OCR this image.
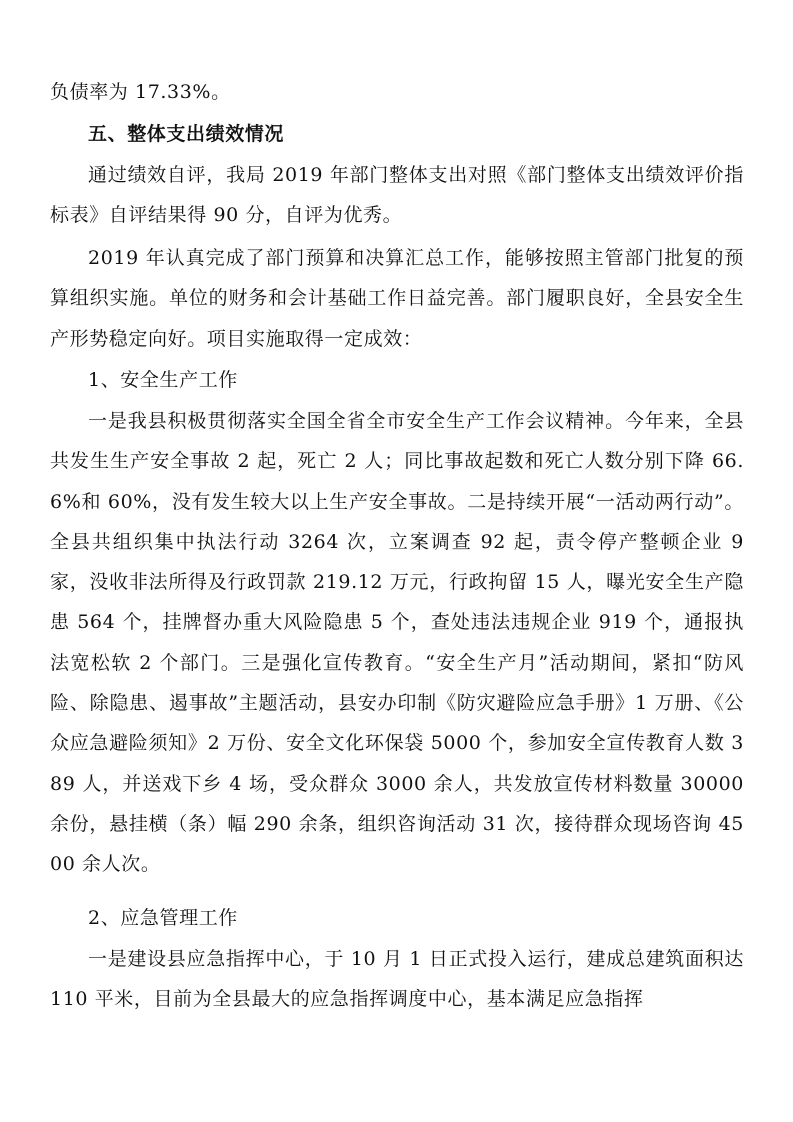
负债率为 17.33%。

五、整体支出绩效情况

通过绩效自评，我局 2019 年部门整体支出对照《部门整体支出绩效评价指标表》自评结果得 90 分，自评为优秀。

2019 年认真完成了部门预算和决算汇总工作，能够按照主管部门批复的预算组织实施。单位的财务和会计基础工作日益完善。部门履职良好，全县安全生产形势稳定向好。项目实施取得一定成效：

1、安全生产工作

一是我县积极贯彻落实全国全省全市安全生产工作会议精神。今年来，全县共发生生产安全事故 2 起，死亡 2 人；同比事故起数和死亡人数分别下降 66.6%和 60%，没有发生较大以上生产安全事故。二是持续开展“一活动两行动”。全县共组织集中执法行动 3264 次，立案调查 92 起，责令停产整顿企业 9 家，没收非法所得及行政罚款 219.12 万元，行政拘留 15 人，曝光安全生产隐患 564 个，挂牌督办重大风险隐患 5 个，查处违法违规企业 919 个，通报执法宽松软 2 个部门。三是强化宣传教育。“安全生产月”活动期间，紧扣“防风险、除隐患、遏事故”主题活动，县安办印制《防灾避险应急手册》1 万册、《公众应急避险须知》2 万份、安全文化环保袋 5000 个，参加安全宣传教育人数 389 人，并送戏下乡 4 场，受众群众 3000 余人，共发放宣传材料数量 30000 余份，悬挂横（条）幅 290 余条，组织咨询活动 31 次，接待群众现场咨询 4500 余人次。

2、应急管理工作

一是建设县应急指挥中心，于 10 月 1 日正式投入运行，建成总建筑面积达 110 平米，目前为全县最大的应急指挥调度中心，基本满足应急指挥
